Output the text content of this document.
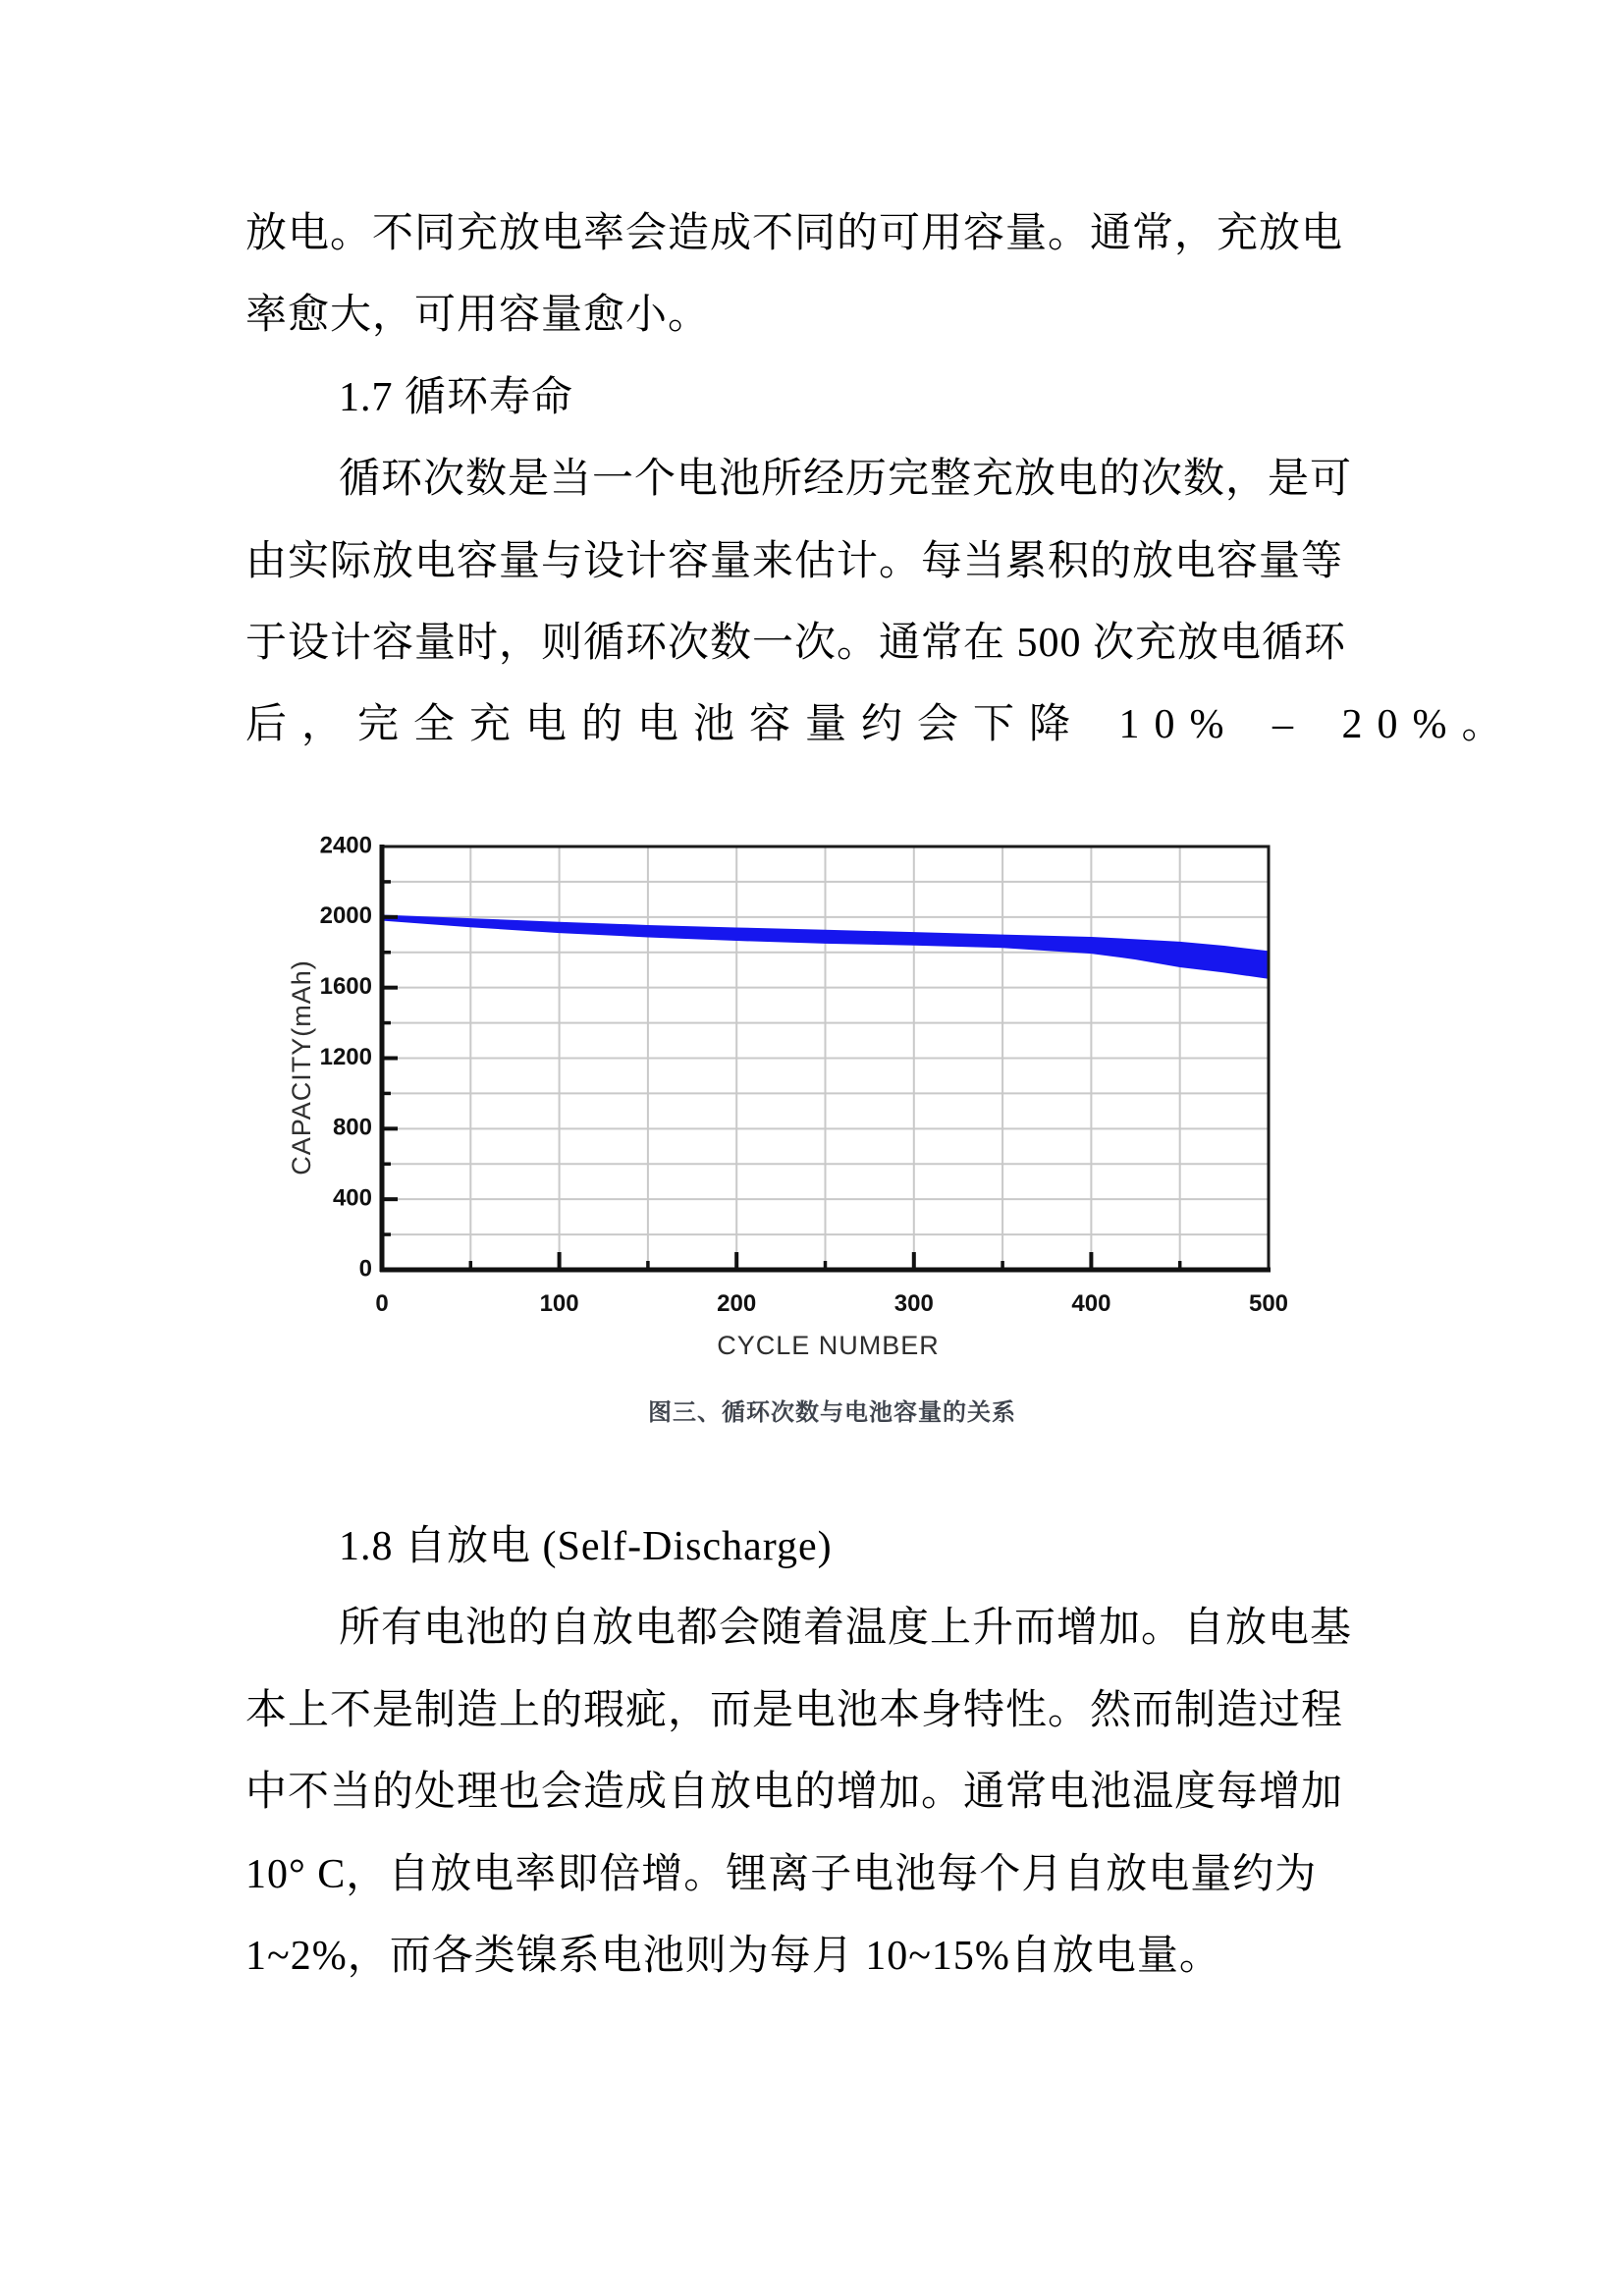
放电。不同充放电率会造成不同的可用容量。通常，充放电
率愈大，可用容量愈小。
1.7 循环寿命
循环次数是当一个电池所经历完整充放电的次数，是可
由实际放电容量与设计容量来估计。每当累积的放电容量等
于设计容量时，则循环次数一次。通常在 500 次充放电循环
后，完全充电的电池容量约会下降 10% – 20%。
0
400
800
1200
1600
2000
2400
0	100	200	300	400	500
CYCLE NUMBER
CAPACITY(mAh)
图三、循环次数与电池容量的关系
1.8 自放电 (Self-Discharge)
所有电池的自放电都会随着温度上升而增加。自放电基
本上不是制造上的瑕疵，而是电池本身特性。然而制造过程
中不当的处理也会造成自放电的增加。通常电池温度每增加
10° C，自放电率即倍增。锂离子电池每个月自放电量约为
1~2%，而各类镍系电池则为每月 10~15%自放电量。
